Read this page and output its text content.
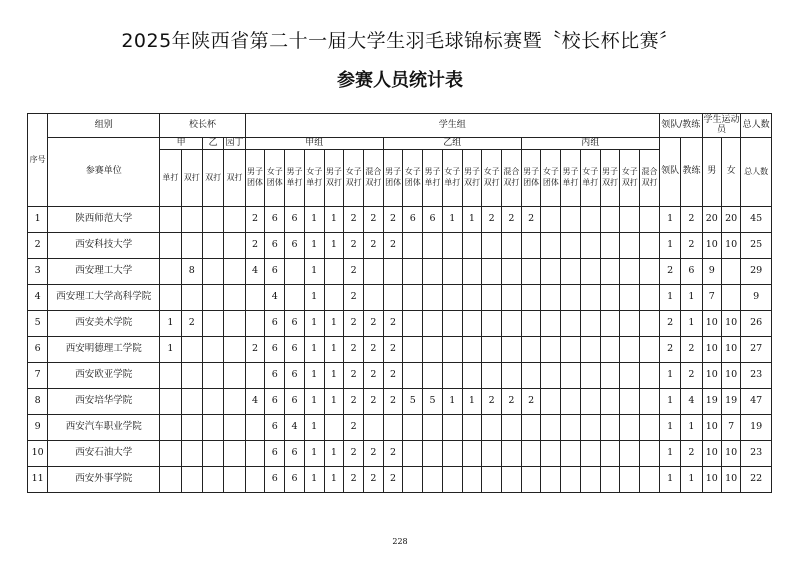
2025年陕西省第二十一届大学生羽毛球锦标赛暨〝校长杯比赛〞
参赛人员统计表
序号	组别	校长杯				学生组																					领队/教练		学生运动员		总人数
	参赛单位	甲		乙	园丁	甲组							乙组							丙组							领队	教练	男	女	总人数
		单打	双打	双打	双打	男子团体	女子团体	男子单打	女子单打	男子双打	女子双打	混合双打	男子团体	女子团体	男子单打	女子单打	男子双打	女子双打	混合双打	男子团体	女子团体	男子单打	女子单打	男子双打	女子双打	混合双打					
1	陕西师范大学					2	6	6	1	1	2	2	2	6	6	1	1	2	2	2							1	2	20	20	45
2	西安科技大学					2	6	6	1	1	2	2	2														1	2	10	10	25
3	西安理工大学		8			4	6		1		2																2	6	9		29
4	西安理工大学高科学院						4		1		2																1	1	7		9
5	西安美术学院	1	2				6	6	1	1	2	2	2														2	1	10	10	26
6	西安明德理工学院	1				2	6	6	1	1	2	2	2														2	2	10	10	27
7	西安欧亚学院						6	6	1	1	2	2	2														1	2	10	10	23
8	西安培华学院					4	6	6	1	1	2	2	2	5	5	1	1	2	2	2							1	4	19	19	47
9	西安汽车职业学院						6	4	1		2																1	1	10	7	19
10	西安石油大学						6	6	1	1	2	2	2														1	2	10	10	23
11	西安外事学院						6	6	1	1	2	2	2														1	1	10	10	22
228
